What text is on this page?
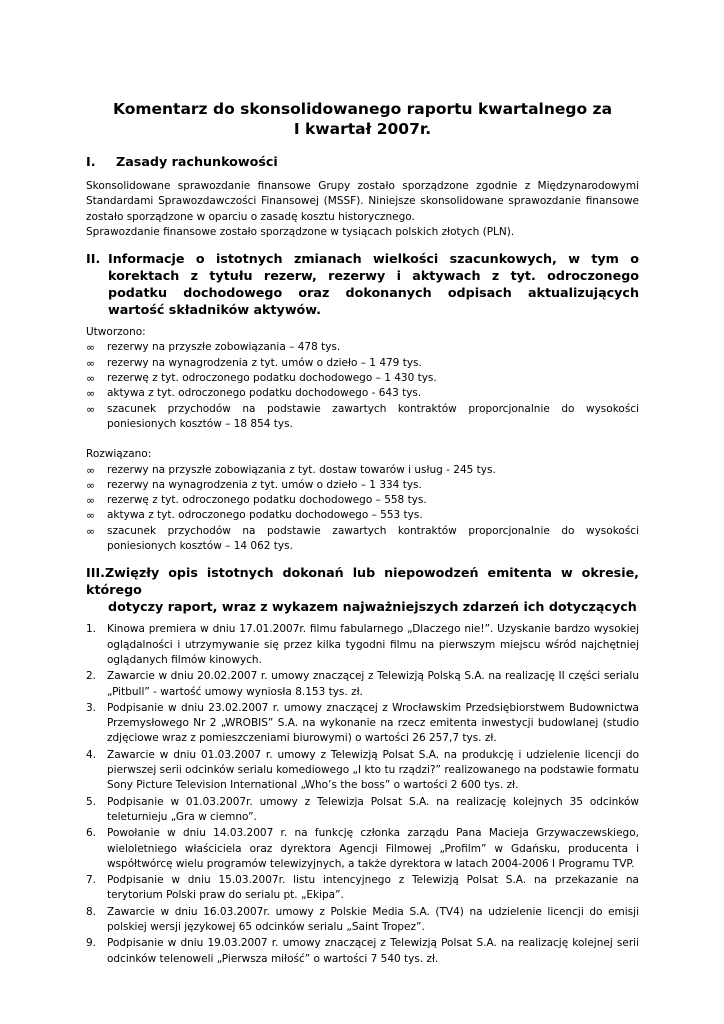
Komentarz do skonsolidowanego raportu kwartalnego za
I kwartał 2007r.
I.	Zasady rachunkowości

Skonsolidowane sprawozdanie finansowe Grupy zostało sporządzone zgodnie z Międzynarodowymi Standardami Sprawozdawczości Finansowej (MSSF). Niniejsze skonsolidowane sprawozdanie finansowe zostało sporządzone w oparciu o zasadę kosztu historycznego.

Sprawozdanie finansowe zostało sporządzone w tysiącach polskich złotych (PLN).

II. Informacje o istotnych zmianach wielkości szacunkowych, w tym o korektach z tytułu rezerw, rezerwy i aktywach z tyt. odroczonego podatku dochodowego oraz dokonanych odpisach aktualizujących wartość składników aktywów.

Utworzono:

∞	rezerwy na przyszłe zobowiązania – 478 tys.
∞	rezerwy na wynagrodzenia z tyt. umów o dzieło – 1 479 tys.
∞	rezerwę z tyt. odroczonego podatku dochodowego – 1 430 tys.
∞	aktywa z tyt. odroczonego podatku dochodowego - 643 tys.
∞	szacunek przychodów na podstawie zawartych kontraktów proporcjonalnie do wysokości poniesionych kosztów – 18 854 tys.

Rozwiązano:

∞	rezerwy na przyszłe zobowiązania z tyt. dostaw towarów i usług - 245 tys.
∞	rezerwy na wynagrodzenia z tyt. umów o dzieło – 1 334 tys.
∞	rezerwę z tyt. odroczonego podatku dochodowego – 558 tys.
∞	aktywa z tyt. odroczonego podatku dochodowego – 553 tys.
∞	szacunek przychodów na podstawie zawartych kontraktów proporcjonalnie do wysokości poniesionych kosztów – 14 062 tys.
III.Zwięzły opis istotnych dokonań lub niepowodzeń emitenta w okresie, którego
dotyczy raport, wraz z wykazem najważniejszych zdarzeń ich dotyczących
1.	Kinowa premiera w dniu 17.01.2007r. filmu fabularnego „Dlaczego nie!”. Uzyskanie bardzo wysokiej oglądalności i utrzymywanie się przez kilka tygodni filmu na pierwszym miejscu wśród najchętniej oglądanych filmów kinowych.
2.	Zawarcie w dniu 20.02.2007 r. umowy znaczącej z Telewizją Polską S.A. na realizację II części serialu „Pitbull” - wartość umowy wyniosła 8.153 tys. zł.
3.	Podpisanie w dniu 23.02.2007 r. umowy znaczącej z Wrocławskim Przedsiębiorstwem Budownictwa Przemysłowego Nr 2 „WROBIS” S.A. na wykonanie na rzecz emitenta inwestycji budowlanej (studio zdjęciowe wraz z pomieszczeniami biurowymi) o wartości 26 257,7 tys. zł.
4.	Zawarcie w dniu 01.03.2007 r. umowy z Telewizją Polsat S.A. na produkcję i udzielenie licencji do pierwszej serii odcinków serialu komediowego „I kto tu rządzi?” realizowanego na podstawie formatu Sony Picture Television International „Who’s the boss” o wartości 2 600 tys. zł.
5.	Podpisanie w 01.03.2007r. umowy z Telewizja Polsat S.A. na realizację kolejnych 35 odcinków teleturnieju „Gra w ciemno”.
6.	Powołanie w dniu 14.03.2007 r. na funkcję członka zarządu Pana Macieja Grzywaczewskiego, wieloletniego właściciela oraz dyrektora Agencji Filmowej „Profilm” w Gdańsku, producenta i współtwórcę wielu programów telewizyjnych, a także dyrektora w latach 2004-2006 I Programu TVP.
7.	Podpisanie w dniu 15.03.2007r. listu intencyjnego z Telewizją Polsat S.A. na przekazanie na terytorium Polski praw do serialu pt. „Ekipa”.
8.	Zawarcie w dniu 16.03.2007r. umowy z Polskie Media S.A. (TV4) na udzielenie licencji do emisji polskiej wersji językowej 65 odcinków serialu „Saint Tropez”.
9.	Podpisanie w dniu 19.03.2007 r. umowy znaczącej z Telewizją Polsat S.A. na realizację kolejnej serii odcinków telenoweli „Pierwsza miłość” o wartości 7 540 tys. zł.
